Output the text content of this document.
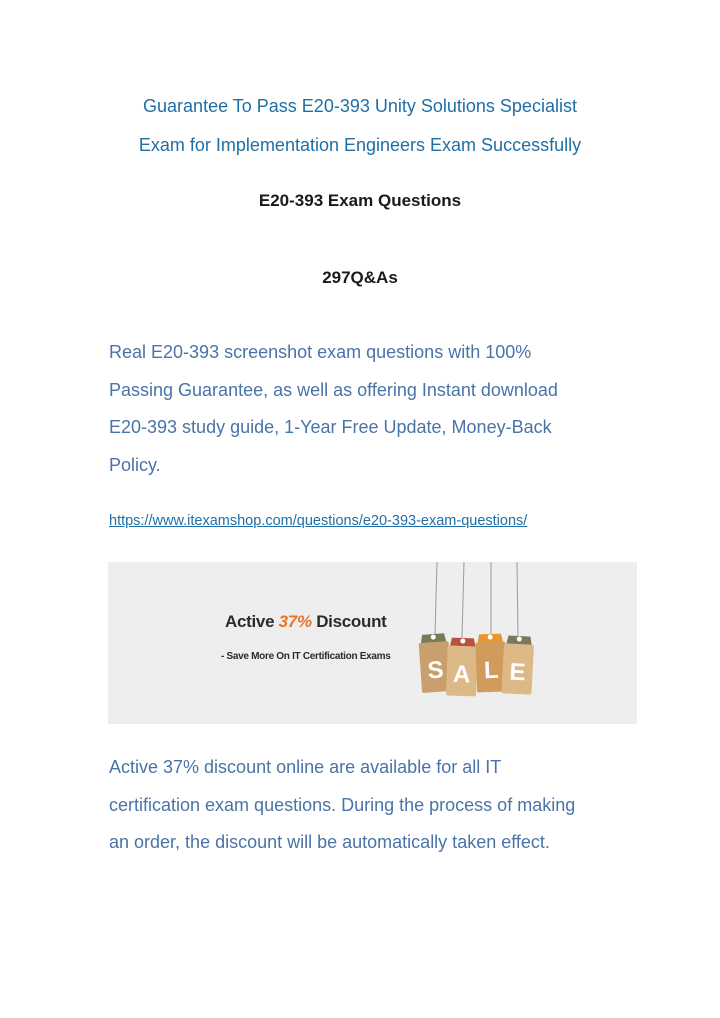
Guarantee To Pass E20-393 Unity Solutions Specialist
Exam for Implementation Engineers Exam Successfully
E20-393 Exam Questions
297Q&As

Real E20-393 screenshot exam questions with 100%
Passing Guarantee, as well as offering Instant download
E20-393 study guide, 1-Year Free Update, Money-Back
Policy.

https://www.itexamshop.com/questions/e20-393-exam-questions/
Active 37% Discount
- Save More On IT Certification Exams S A L E

Active 37% discount online are available for all IT
certification exam questions. During the process of making
an order, the discount will be automatically taken effect.
